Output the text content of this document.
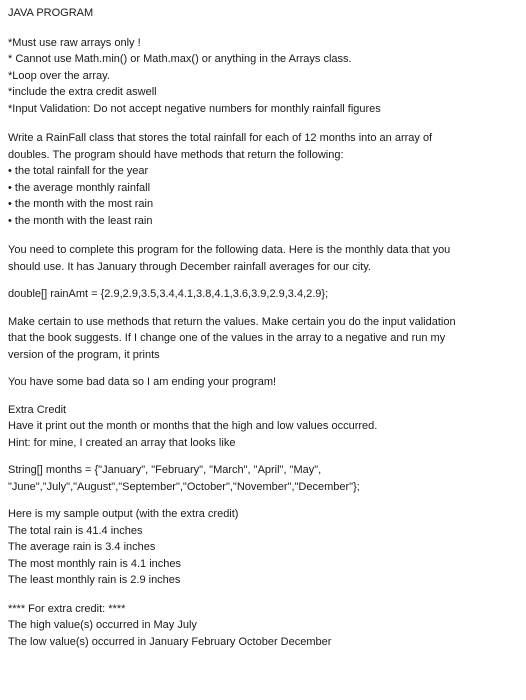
JAVA PROGRAM
*Must use raw arrays only !
* Cannot use Math.min() or Math.max() or anything in the Arrays class.
*Loop over the array.
*include the extra credit aswell
*Input Validation: Do not accept negative numbers for monthly rainfall figures
Write a RainFall class that stores the total rainfall for each of 12 months into an array of
doubles. The program should have methods that return the following:
• the total rainfall for the year
• the average monthly rainfall
• the month with the most rain
• the month with the least rain
You need to complete this program for the following data. Here is the monthly data that you
should use. It has January through December rainfall averages for our city.
double[] rainAmt = {2.9,2.9,3.5,3.4,4.1,3.8,4.1,3.6,3.9,2.9,3.4,2.9};
Make certain to use methods that return the values. Make certain you do the input validation
that the book suggests. If I change one of the values in the array to a negative and run my
version of the program, it prints
You have some bad data so I am ending your program!
Extra Credit
Have it print out the month or months that the high and low values occurred.
Hint: for mine, I created an array that looks like
String[] months = {"January", "February", "March", "April", "May",
"June","July","August","September","October","November","December"};
Here is my sample output (with the extra credit)
The total rain is 41.4 inches
The average rain is 3.4 inches
The most monthly rain is 4.1 inches
The least monthly rain is 2.9 inches
**** For extra credit: ****
The high value(s) occurred in May July
The low value(s) occurred in January February October December
